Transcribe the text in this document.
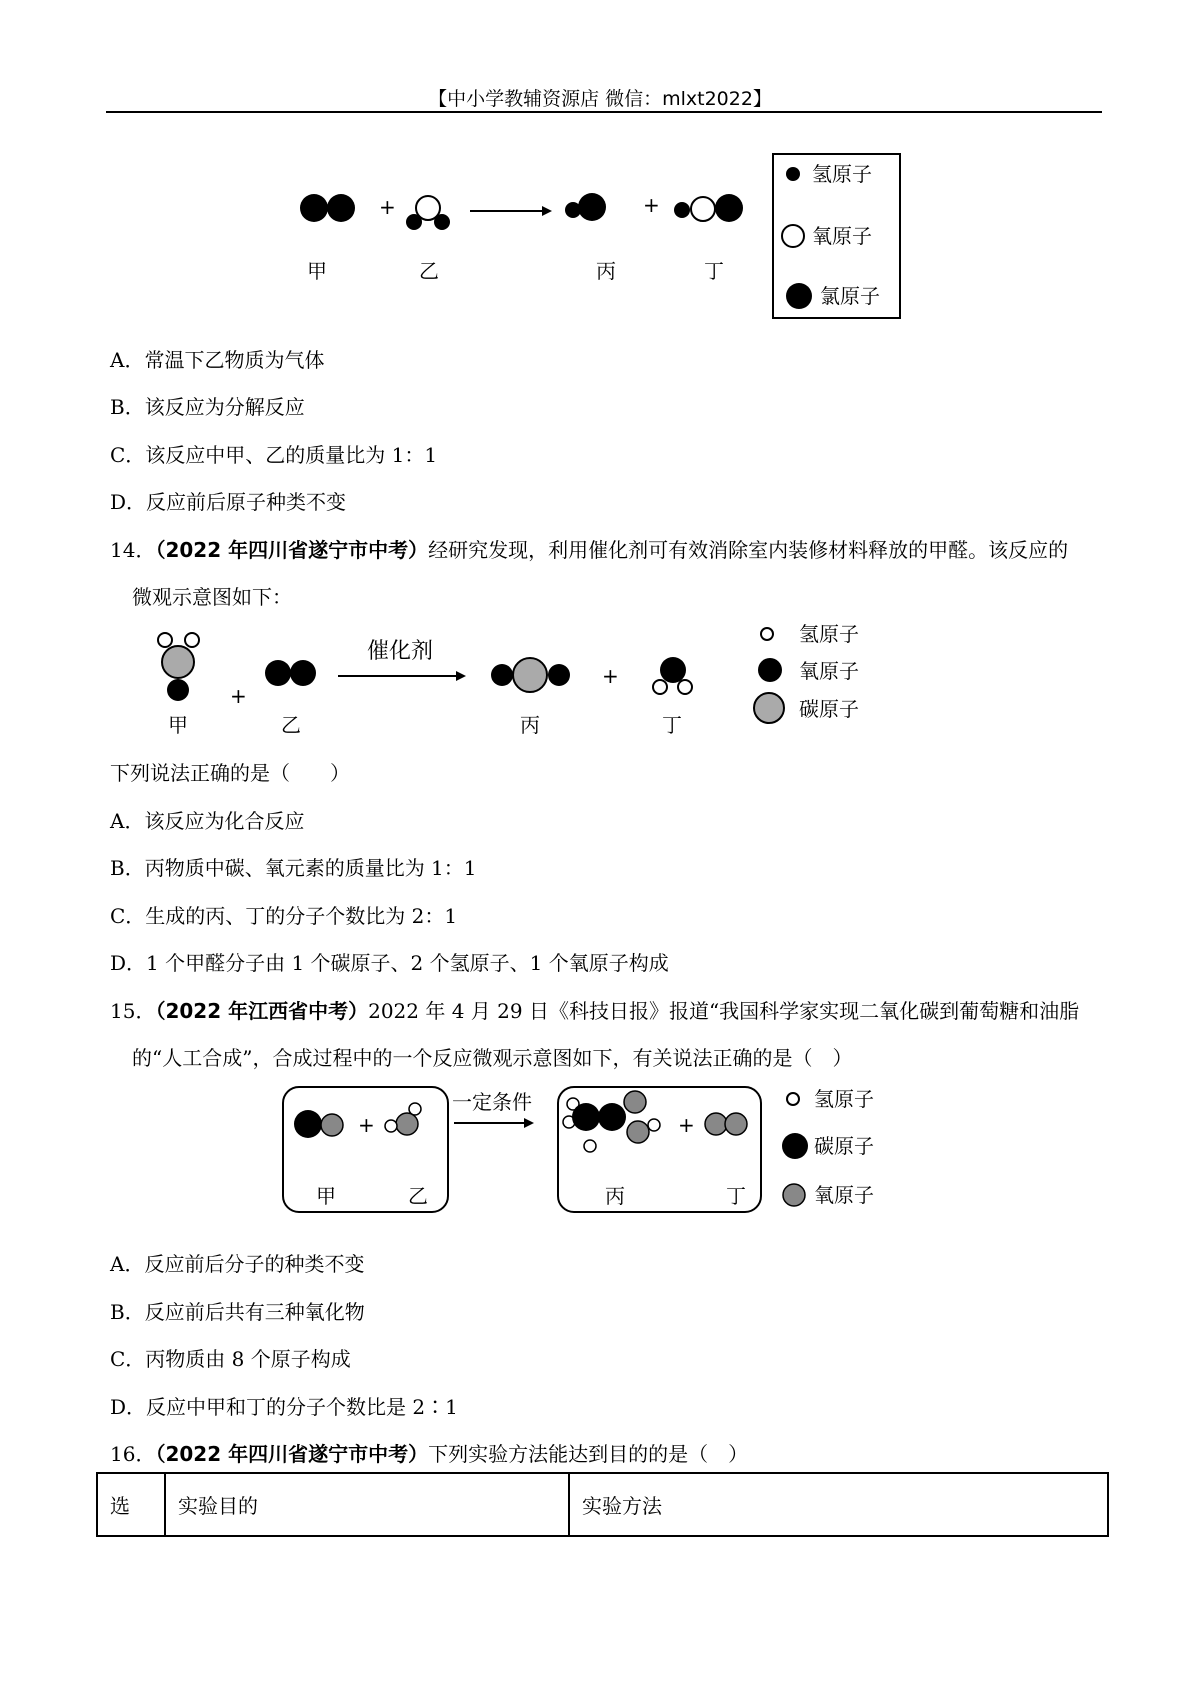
【中小学教辅资源店 微信：mlxt2022】
+	+
甲	乙	丙	丁
氢原子
氧原子
氯原子
A．常温下乙物质为气体
B．该反应为分解反应
C．该反应中甲、乙的质量比为 1：1
D．反应前后原子种类不变
14．（2022 年四川省遂宁市中考）经研究发现，利用催化剂可有效消除室内装修材料释放的甲醛。该反应的
微观示意图如下：
+
催化剂
+
甲	乙	丙	丁
氢原子
氧原子
碳原子
下列说法正确的是（　　）
A．该反应为化合反应
B．丙物质中碳、氧元素的质量比为 1：1
C．生成的丙、丁的分子个数比为 2：1
D．1 个甲醛分子由 1 个碳原子、2 个氢原子、1 个氧原子构成
15．（2022 年江西省中考）2022 年 4 月 29 日《科技日报》报道“我国科学家实现二氧化碳到葡萄糖和油脂
的“人工合成”，合成过程中的一个反应微观示意图如下，有关说法正确的是（　）
+
甲	乙
一定条件
+
丙	丁
氢原子
碳原子
氧原子
A．反应前后分子的种类不变
B．反应前后共有三种氧化物
C．丙物质由 8 个原子构成
D．反应中甲和丁的分子个数比是 2∶1
16．（2022 年四川省遂宁市中考）下列实验方法能达到目的的是（　）
选	实验目的	实验方法
